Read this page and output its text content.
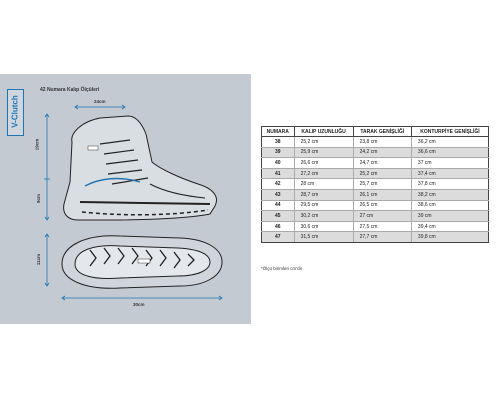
V-Clutch
42 Numara Kalıp Ölçüleri
24cm
19cm
9cm
11cm
30cm
NUMARA	KALIP UZUNLUĞU	TARAK GENİŞLİĞİ	KONTURPİYE GENİŞLİĞİ
38	25,2 cm	23,8 cm	36,2 cm
39	25,9 cm	24,2 cm	36,6 cm
40	26,6 cm	24,7 cm	37 cm
41	27,2 cm	25,2 cm	37,4 cm
42	28 cm	25,7 cm	37,8 cm
43	28,7 cm	26,1 cm	38,2 cm
44	29,5 cm	26,5 cm	38,6 cm
45	30,2 cm	27 cm	39 cm
46	30,6 cm	27,5 cm	39,4 cm
47	31,5 cm	27,7 cm	39,8 cm
*Ölçü birimleri cm'dir
